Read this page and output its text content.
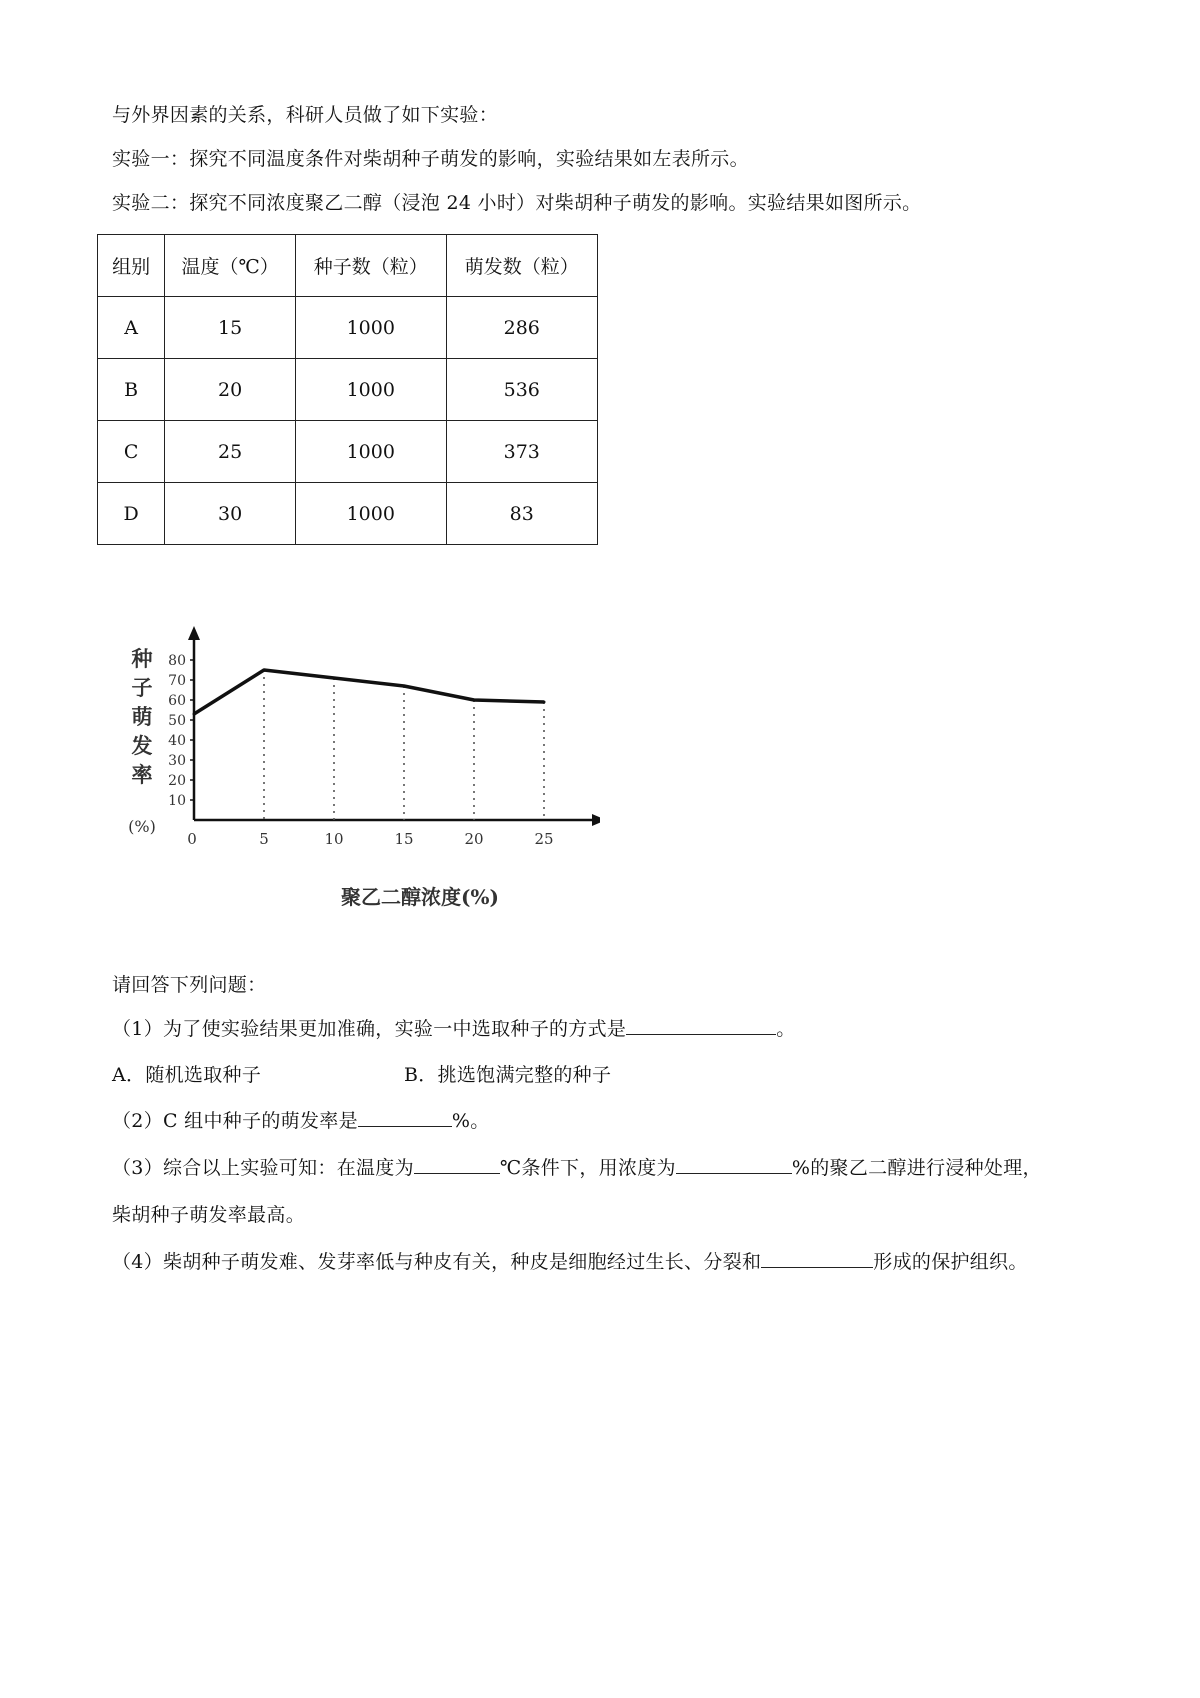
与外界因素的关系，科研人员做了如下实验：
实验一：探究不同温度条件对柴胡种子萌发的影响，实验结果如左表所示。
实验二：探究不同浓度聚乙二醇（浸泡 24 小时）对柴胡种子萌发的影响。实验结果如图所示。
组别	温度（℃）	种子数（粒）	萌发数（粒）
A	15	1000	286
B	20	1000	536
C	25	1000	373
D	30	1000	83
10
20
30
40
50
60
70
80
0	5	10	15	20	25
种
子
萌
发
率
(%)
聚乙二醇浓度(%)
请回答下列问题：
（1）为了使实验结果更加准确，实验一中选取种子的方式是	。
A．随机选取种子	B．挑选饱满完整的种子
（2）C 组中种子的萌发率是	%。
（3）综合以上实验可知：在温度为	℃条件下，用浓度为	%的聚乙二醇进行浸种处理，
柴胡种子萌发率最高。
（4）柴胡种子萌发难、发芽率低与种皮有关，种皮是细胞经过生长、分裂和	形成的保护组织。
